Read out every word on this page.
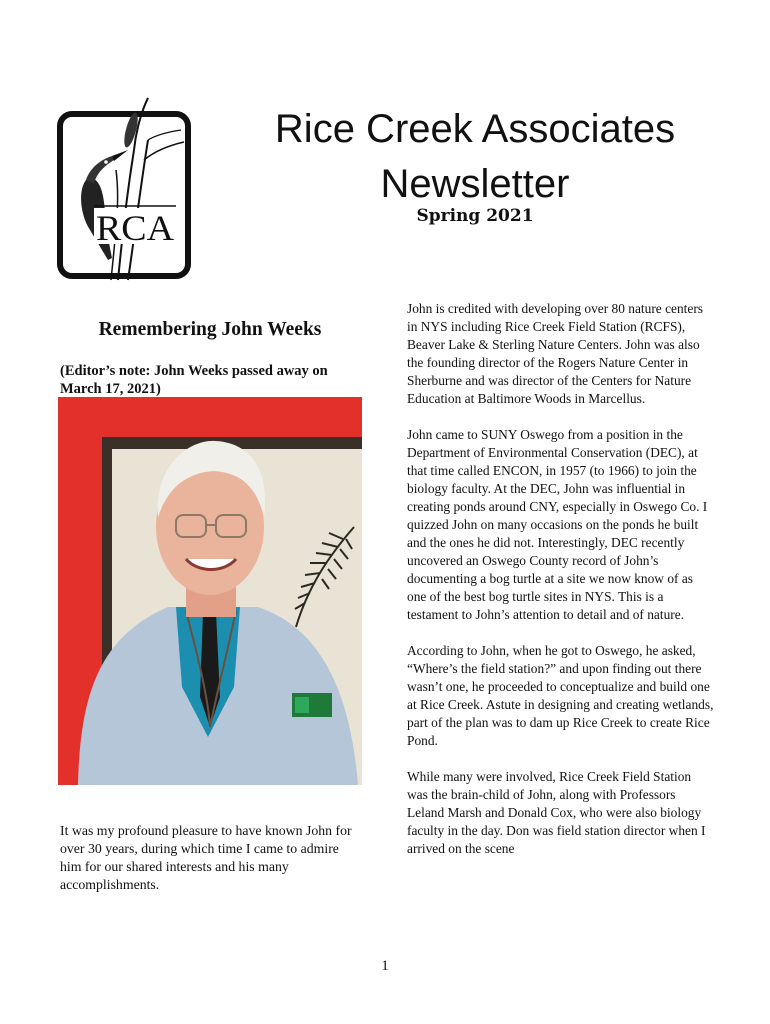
RCA
Rice Creek Associates
Newsletter
Spring 2021
Remembering John Weeks
(Editor’s note: John Weeks passed away on March 17, 2021)
It was my profound pleasure to have known John for over 30 years, during which time I came to admire him for our shared interests and his many accomplishments.

John is credited with developing over 80 nature centers in NYS including Rice Creek Field Station (RCFS), Beaver Lake & Sterling Nature Centers. John was also the founding director of the Rogers Nature Center in Sherburne and was director of the Centers for Nature Education at Baltimore Woods in Marcellus.

John came to SUNY Oswego from a position in the Department of Environmental Conservation (DEC), at that time called ENCON, in 1957 (to 1966) to join the biology faculty. At the DEC, John was influential in creating ponds around CNY, especially in Oswego Co. I quizzed John on many occasions on the ponds he built and the ones he did not. Interestingly, DEC recently uncovered an Oswego County record of John’s documenting a bog turtle at a site we now know of as one of the best bog turtle sites in NYS. This is a testament to John’s attention to detail and of nature.

According to John, when he got to Oswego, he asked, “Where’s the field station?” and upon finding out there wasn’t one, he proceeded to conceptualize and build one at Rice Creek. Astute in designing and creating wetlands, part of the plan was to dam up Rice Creek to create Rice Pond.

While many were involved, Rice Creek Field Station was the brain-child of John, along with Professors Leland Marsh and Donald Cox, who were also biology faculty in the day. Don was field station director when I arrived on the scene

1
